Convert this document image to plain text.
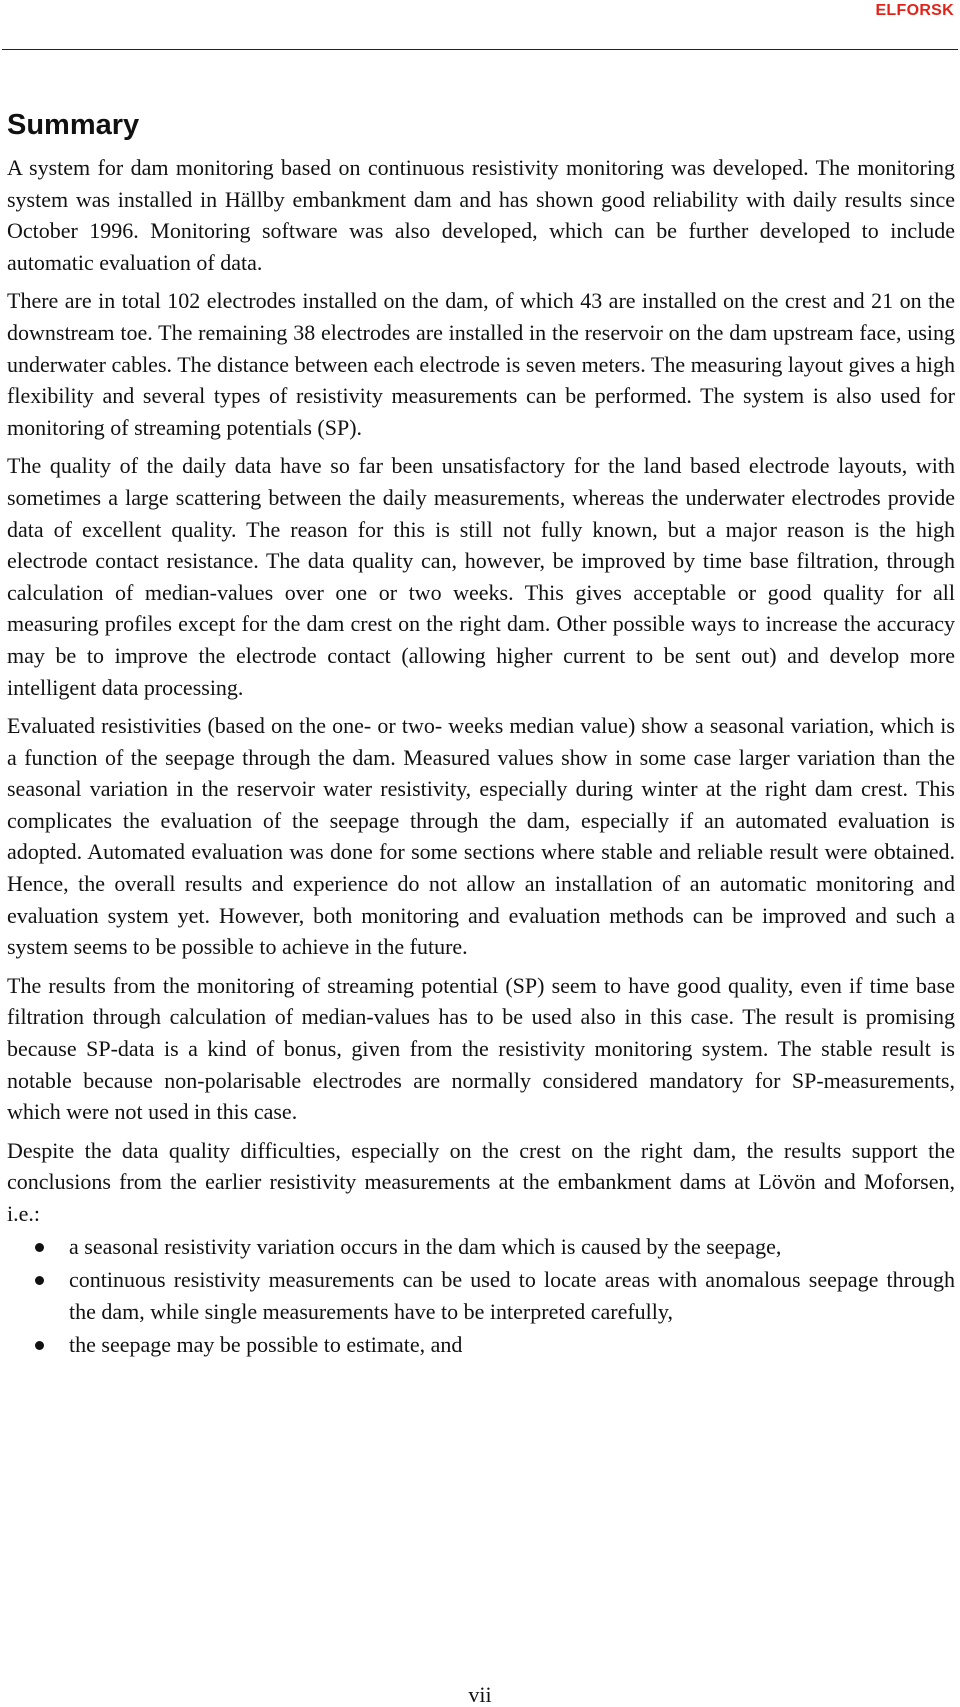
ELFORSK
Summary

A system for dam monitoring based on continuous resistivity monitoring was developed. The monitoring system was installed in Hällby embankment dam and has shown good reliability with daily results since October 1996. Monitoring software was also developed, which can be further developed to include automatic evaluation of data.

There are in total 102 electrodes installed on the dam, of which 43 are installed on the crest and 21 on the downstream toe. The remaining 38 electrodes are installed in the reservoir on the dam upstream face, using underwater cables. The distance between each electrode is seven meters. The measuring layout gives a high flexibility and several types of resistivity measurements can be performed. The system is also used for monitoring of streaming potentials (SP).

The quality of the daily data have so far been unsatisfactory for the land based electrode layouts, with sometimes a large scattering between the daily measurements, whereas the underwater electrodes provide data of excellent quality. The reason for this is still not fully known, but a major reason is the high electrode contact resistance. The data quality can, however, be improved by time base filtration, through calculation of median-values over one or two weeks. This gives acceptable or good quality for all measuring profiles except for the dam crest on the right dam. Other possible ways to increase the accuracy may be to improve the electrode contact (allowing higher current to be sent out) and develop more intelligent data processing.

Evaluated resistivities (based on the one- or two- weeks median value) show a seasonal variation, which is a function of the seepage through the dam. Measured values show in some case larger variation than the seasonal variation in the reservoir water resistivity, especially during winter at the right dam crest. This complicates the evaluation of the seepage through the dam, especially if an automated evaluation is adopted. Automated evaluation was done for some sections where stable and reliable result were obtained. Hence, the overall results and experience do not allow an installation of an automatic monitoring and evaluation system yet. However, both monitoring and evaluation methods can be improved and such a system seems to be possible to achieve in the future.

The results from the monitoring of streaming potential (SP) seem to have good quality, even if time base filtration through calculation of median-values has to be used also in this case. The result is promising because SP-data is a kind of bonus, given from the resistivity monitoring system. The stable result is notable because non-polarisable electrodes are normally considered mandatory for SP-measurements, which were not used in this case.

Despite the data quality difficulties, especially on the crest on the right dam, the results support the conclusions from the earlier resistivity measurements at the embankment dams at Lövön and Moforsen, i.e.:

a seasonal resistivity variation occurs in the dam which is caused by the seepage,
continuous resistivity measurements can be used to locate areas with anomalous seepage through the dam, while single measurements have to be interpreted carefully,
the seepage may be possible to estimate, and
vii
